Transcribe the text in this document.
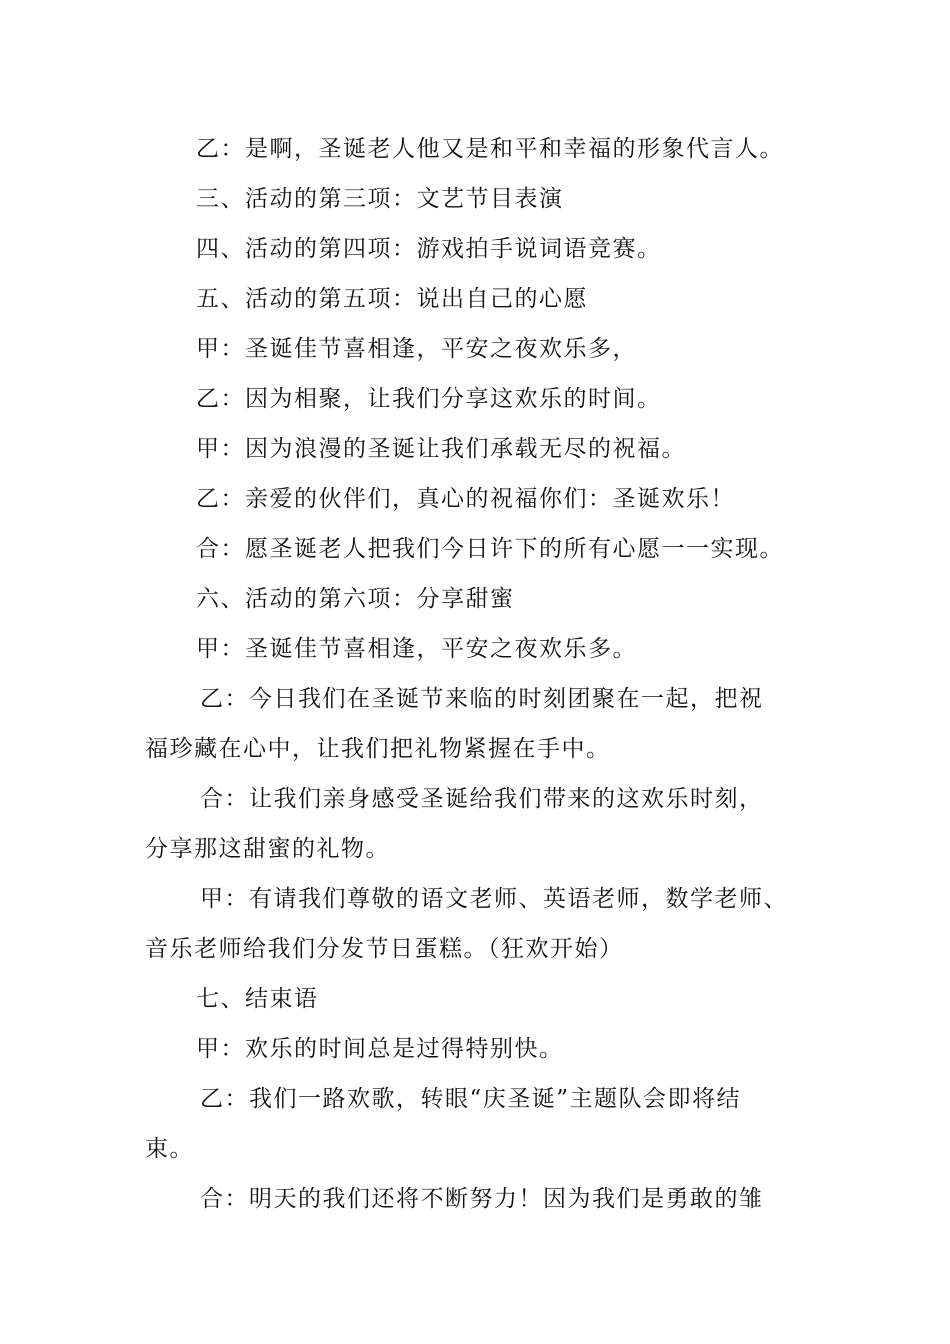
乙：是啊，圣诞老人他又是和平和幸福的形象代言人。
三、活动的第三项：文艺节目表演
四、活动的第四项：游戏拍手说词语竞赛。
五、活动的第五项：说出自己的心愿
甲：圣诞佳节喜相逢，平安之夜欢乐多，
乙：因为相聚，让我们分享这欢乐的时间。
甲：因为浪漫的圣诞让我们承载无尽的祝福。
乙：亲爱的伙伴们，真心的祝福你们：圣诞欢乐！
合：愿圣诞老人把我们今日许下的所有心愿一一实现。
六、活动的第六项：分享甜蜜
甲：圣诞佳节喜相逢，平安之夜欢乐多。
乙：今日我们在圣诞节来临的时刻团聚在一起，把祝
福珍藏在心中，让我们把礼物紧握在手中。
合：让我们亲身感受圣诞给我们带来的这欢乐时刻，
分享那这甜蜜的礼物。
甲：有请我们尊敬的语文老师、英语老师，数学老师、
音乐老师给我们分发节日蛋糕。（狂欢开始）
七、结束语
甲：欢乐的时间总是过得特别快。
乙：我们一路欢歌，转眼“庆圣诞”主题队会即将结
束。
合：明天的我们还将不断努力！因为我们是勇敢的雏
